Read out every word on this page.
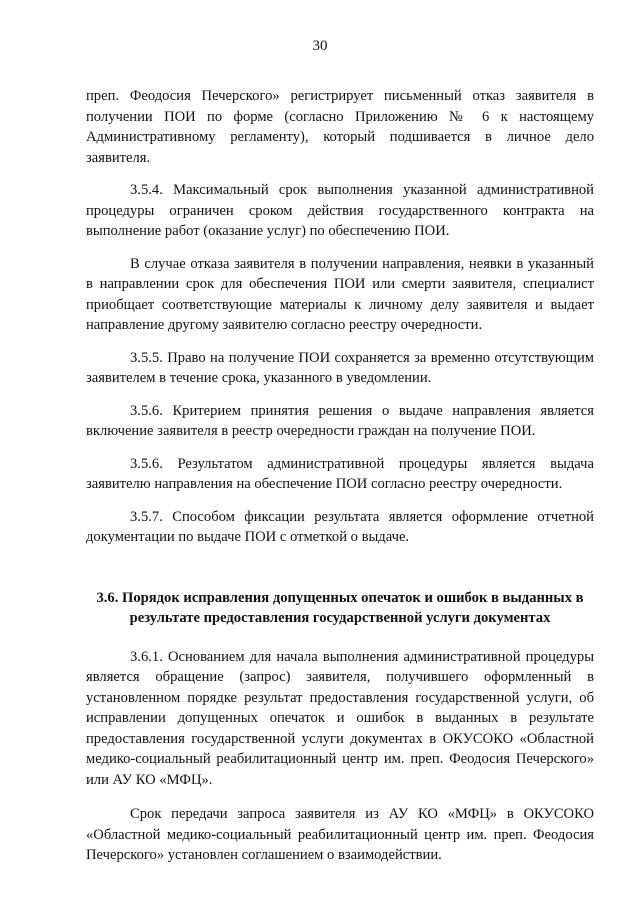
30

преп. Феодосия Печерского» регистрирует письменный отказ заявителя в получении ПОИ по форме (согласно Приложению № 6 к настоящему Административному регламенту), который подшивается в личное дело заявителя.

3.5.4. Максимальный срок выполнения указанной административной процедуры ограничен сроком действия государственного контракта на выполнение работ (оказание услуг) по обеспечению ПОИ.

В случае отказа заявителя в получении направления, неявки в указанный в направлении срок для обеспечения ПОИ или смерти заявителя, специалист приобщает соответствующие материалы к личному делу заявителя и выдает направление другому заявителю согласно реестру очередности.

3.5.5. Право на получение ПОИ сохраняется за временно отсутствующим заявителем в течение срока, указанного в уведомлении.

3.5.6. Критерием принятия решения о выдаче направления является включение заявителя в реестр очередности граждан на получение ПОИ.

3.5.6. Результатом административной процедуры является выдача заявителю направления на обеспечение ПОИ согласно реестру очередности.

3.5.7. Способом фиксации результата является оформление отчетной документации по выдаче ПОИ с отметкой о выдаче.

3.6. Порядок исправления допущенных опечаток и ошибок в выданных в результате предоставления государственной услуги документах

3.6.1. Основанием для начала выполнения административной процедуры является обращение (запрос) заявителя, получившего оформленный в установленном порядке результат предоставления государственной услуги, об исправлении допущенных опечаток и ошибок в выданных в результате предоставления государственной услуги документах в ОКУСОКО «Областной медико-социальный реабилитационный центр им. преп. Феодосия Печерского» или АУ КО «МФЦ».

Срок передачи запроса заявителя из АУ КО «МФЦ» в ОКУСОКО «Областной медико-социальный реабилитационный центр им. преп. Феодосия Печерского» установлен соглашением о взаимодействии.
